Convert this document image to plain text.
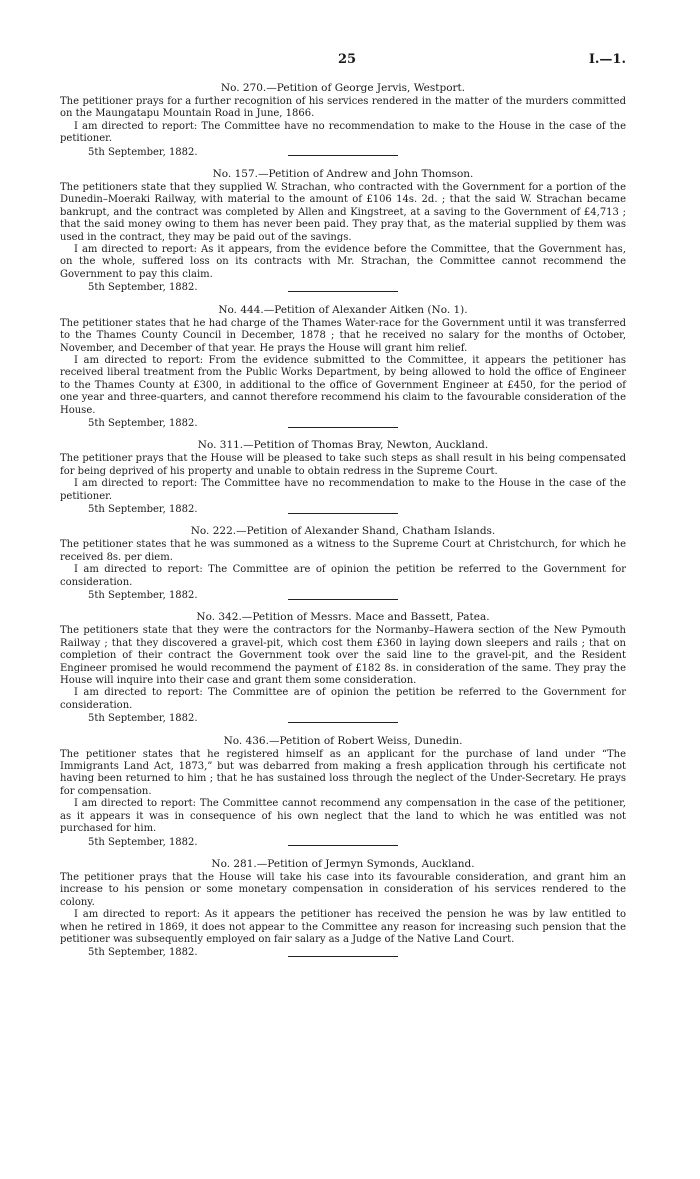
25	I.—1.
No. 270.—Petition of George Jervis, Westport.

The petitioner prays for a further recognition of his services rendered in the matter of the murders committed on the Maungatapu Mountain Road in June, 1866.

I am directed to report: The Committee have no recommendation to make to the House in the case of the petitioner.

5th September, 1882.
No. 157.—Petition of Andrew and John Thomson.

The petitioners state that they supplied W. Strachan, who contracted with the Government for a portion of the Dunedin–Moeraki Railway, with material to the amount of £106 14s. 2d. ; that the said W. Strachan became bankrupt, and the contract was completed by Allen and Kingstreet, at a saving to the Government of £4,713 ; that the said money owing to them has never been paid. They pray that, as the material supplied by them was used in the contract, they may be paid out of the savings.

I am directed to report: As it appears, from the evidence before the Committee, that the Government has, on the whole, suffered loss on its contracts with Mr. Strachan, the Committee cannot recommend the Government to pay this claim.

5th September, 1882.
No. 444.—Petition of Alexander Aitken (No. 1).

The petitioner states that he had charge of the Thames Water-race for the Government until it was transferred to the Thames County Council in December, 1878 ; that he received no salary for the months of October, November, and December of that year. He prays the House will grant him relief.

I am directed to report: From the evidence submitted to the Committee, it appears the petitioner has received liberal treatment from the Public Works Department, by being allowed to hold the office of Engineer to the Thames County at £300, in additional to the office of Government Engineer at £450, for the period of one year and three-quarters, and cannot therefore recommend his claim to the favourable consideration of the House.

5th September, 1882.
No. 311.—Petition of Thomas Bray, Newton, Auckland.

The petitioner prays that the House will be pleased to take such steps as shall result in his being compensated for being deprived of his property and unable to obtain redress in the Supreme Court.

I am directed to report: The Committee have no recommendation to make to the House in the case of the petitioner.

5th September, 1882.
No. 222.—Petition of Alexander Shand, Chatham Islands.

The petitioner states that he was summoned as a witness to the Supreme Court at Christchurch, for which he received 8s. per diem.

I am directed to report: The Committee are of opinion the petition be referred to the Government for consideration.

5th September, 1882.
No. 342.—Petition of Messrs. Mace and Bassett, Patea.

The petitioners state that they were the contractors for the Normanby–Hawera section of the New Pymouth Railway ; that they discovered a gravel-pit, which cost them £360 in laying down sleepers and rails ; that on completion of their contract the Government took over the said line to the gravel-pit, and the Resident Engineer promised he would recommend the payment of £182 8s. in consideration of the same. They pray the House will inquire into their case and grant them some consideration.

I am directed to report: The Committee are of opinion the petition be referred to the Government for consideration.

5th September, 1882.
No. 436.—Petition of Robert Weiss, Dunedin.

The petitioner states that he registered himself as an applicant for the purchase of land under “The Immigrants Land Act, 1873,” but was debarred from making a fresh application through his certificate not having been returned to him ; that he has sustained loss through the neglect of the Under-Secretary. He prays for compensation.

I am directed to report: The Committee cannot recommend any compensation in the case of the petitioner, as it appears it was in consequence of his own neglect that the land to which he was entitled was not purchased for him.

5th September, 1882.
No. 281.—Petition of Jermyn Symonds, Auckland.

The petitioner prays that the House will take his case into its favourable consideration, and grant him an increase to his pension or some monetary compensation in consideration of his services rendered to the colony.

I am directed to report: As it appears the petitioner has received the pension he was by law entitled to when he retired in 1869, it does not appear to the Committee any reason for increasing such pension that the petitioner was subsequently employed on fair salary as a Judge of the Native Land Court.

5th September, 1882.
